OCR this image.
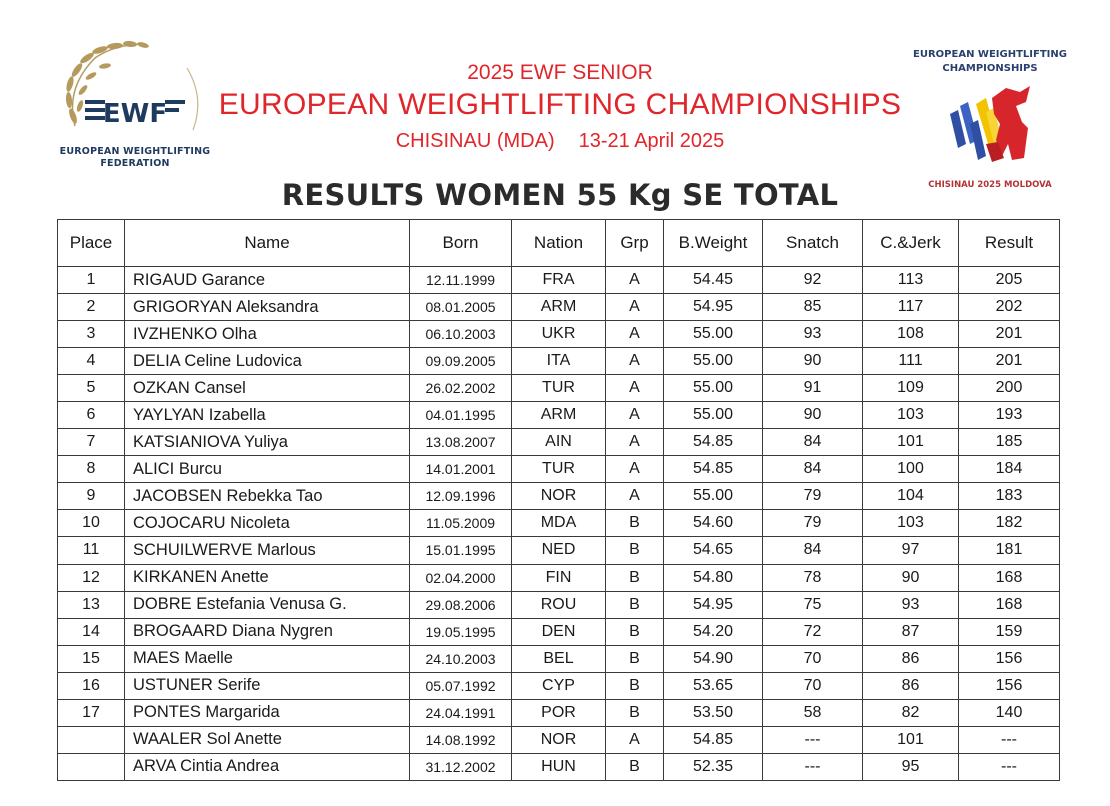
EWF
EUROPEAN WEIGHTLIFTING
FEDERATION
2025 EWF SENIOR
EUROPEAN WEIGHTLIFTING CHAMPIONSHIPS
CHISINAU (MDA) 13-21 April 2025
EUROPEAN WEIGHTLIFTING
CHAMPIONSHIPS
CHISINAU 2025 MOLDOVA
RESULTS WOMEN 55 Kg SE TOTAL
Place	Name	Born	Nation	Grp	B.Weight	Snatch	C.&Jerk	Result
1	RIGAUD Garance	12.11.1999	FRA	A	54.45	92	113	205
2	GRIGORYAN Aleksandra	08.01.2005	ARM	A	54.95	85	117	202
3	IVZHENKO Olha	06.10.2003	UKR	A	55.00	93	108	201
4	DELIA Celine Ludovica	09.09.2005	ITA	A	55.00	90	111	201
5	OZKAN Cansel	26.02.2002	TUR	A	55.00	91	109	200
6	YAYLYAN Izabella	04.01.1995	ARM	A	55.00	90	103	193
7	KATSIANIOVA Yuliya	13.08.2007	AIN	A	54.85	84	101	185
8	ALICI Burcu	14.01.2001	TUR	A	54.85	84	100	184
9	JACOBSEN Rebekka Tao	12.09.1996	NOR	A	55.00	79	104	183
10	COJOCARU Nicoleta	11.05.2009	MDA	B	54.60	79	103	182
11	SCHUILWERVE Marlous	15.01.1995	NED	B	54.65	84	97	181
12	KIRKANEN Anette	02.04.2000	FIN	B	54.80	78	90	168
13	DOBRE Estefania Venusa G.	29.08.2006	ROU	B	54.95	75	93	168
14	BROGAARD Diana Nygren	19.05.1995	DEN	B	54.20	72	87	159
15	MAES Maelle	24.10.2003	BEL	B	54.90	70	86	156
16	USTUNER Serife	05.07.1992	CYP	B	53.65	70	86	156
17	PONTES Margarida	24.04.1991	POR	B	53.50	58	82	140
	WAALER Sol Anette	14.08.1992	NOR	A	54.85	---	101	---
	ARVA Cintia Andrea	31.12.2002	HUN	B	52.35	---	95	---
